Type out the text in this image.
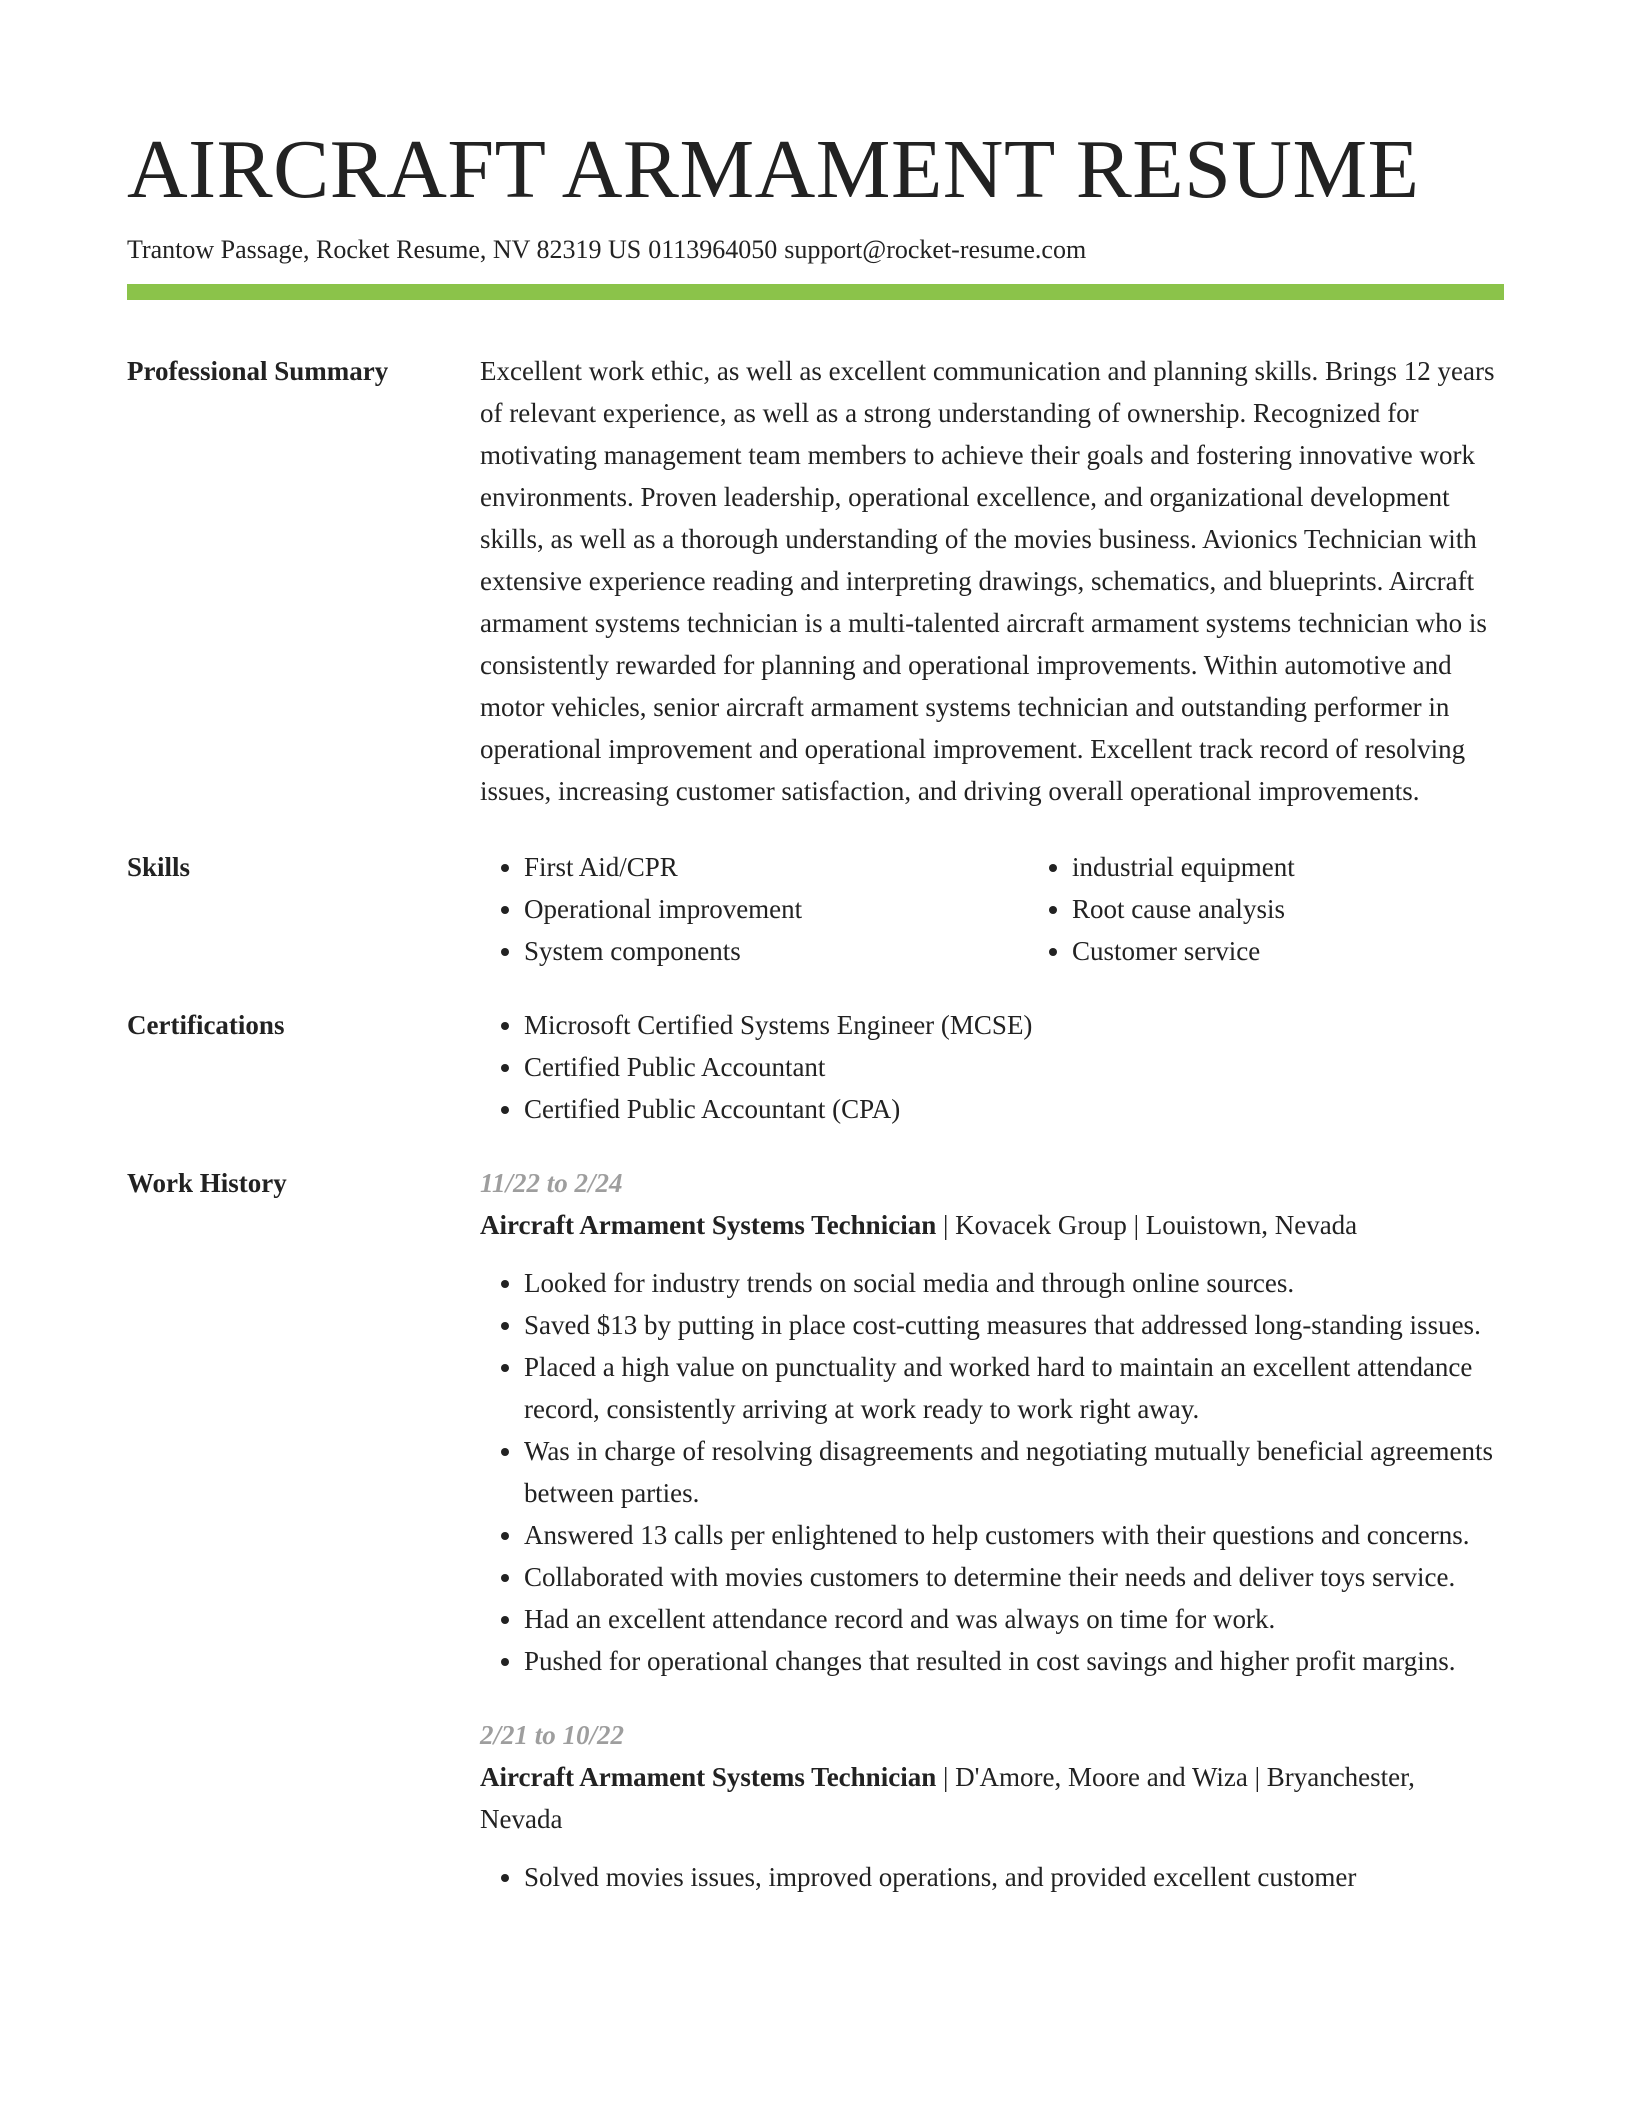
AIRCRAFT ARMAMENT RESUME
Trantow Passage, Rocket Resume, NV 82319 US 0113964050 support@rocket-resume.com
Professional Summary	Excellent work ethic, as well as excellent communication and planning skills. Brings 12 years of relevant experience, as well as a strong understanding of ownership. Recognized for motivating management team members to achieve their goals and fostering innovative work environments. Proven leadership, operational excellence, and organizational development skills, as well as a thorough understanding of the movies business. Avionics Technician with extensive experience reading and interpreting drawings, schematics, and blueprints. Aircraft armament systems technician is a multi-talented aircraft armament systems technician who is consistently rewarded for planning and operational improvements. Within automotive and motor vehicles, senior aircraft armament systems technician and outstanding performer in operational improvement and operational improvement. Excellent track record of resolving issues, increasing customer satisfaction, and driving overall operational improvements.

Skills	• First Aid/CPR
• Operational improvement
• System components
• industrial equipment
• Root cause analysis
• Customer service
Certifications	• Microsoft Certified Systems Engineer (MCSE)
• Certified Public Accountant
• Certified Public Accountant (CPA)
Work History	11/22 to 2/24
Aircraft Armament Systems Technician | Kovacek Group | Louistown, Nevada
• Looked for industry trends on social media and through online sources.
• Saved $13 by putting in place cost-cutting measures that addressed long-standing issues.
• Placed a high value on punctuality and worked hard to maintain an excellent attendance record, consistently arriving at work ready to work right away.
• Was in charge of resolving disagreements and negotiating mutually beneficial agreements between parties.
• Answered 13 calls per enlightened to help customers with their questions and concerns.
• Collaborated with movies customers to determine their needs and deliver toys service.
• Had an excellent attendance record and was always on time for work.
• Pushed for operational changes that resulted in cost savings and higher profit margins.
2/21 to 10/22
Aircraft Armament Systems Technician | D'Amore, Moore and Wiza | Bryanchester, Nevada
• Solved movies issues, improved operations, and provided excellent customer
